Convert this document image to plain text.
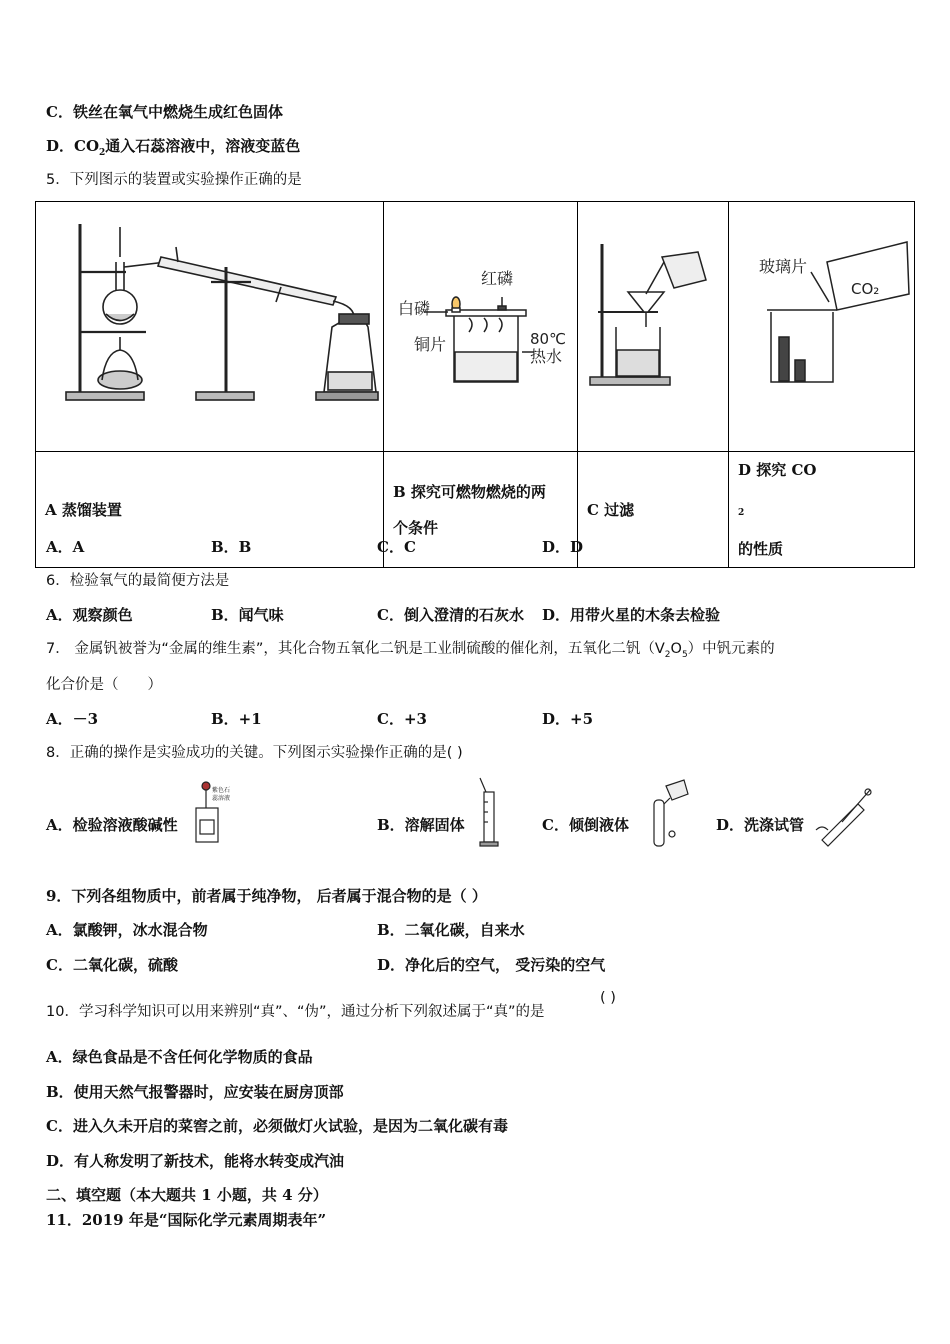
C．铁丝在氧气中燃烧生成红色固体
D．$CO_2$通入石蕊溶液中，溶液变蓝色
5．下列图示的装置或实验操作正确的是

红磷
白磷
铜片 80℃
热水		玻璃片
CO₂

A 蒸馏装置	B 探究可燃物燃烧的两
个条件	C 过滤	D 探究 CO
$_2$
的性质
A．A	B．B	C．C	D．D
6．检验氧气的最简便方法是
A．观察颜色	B．闻气味	C．倒入澄清的石灰水 D．用带火星的木条去检验
7． 金属钒被誉为“金属的维生素”，其化合物五氧化二钒是工业制硫酸的催化剂，五氧化二钒$(V_2O_5)$中钒元素的
化合价是（　　）
A．－3	B．+1	C．+3	D．+5
8．正确的操作是实验成功的关键。下列图示实验操作正确的是( )
A．检验溶液酸碱性
紫色石
蕊溶液
B．溶解固体	C．倾倒液体	D．洗涤试管
9．下列各组物质中，前者属于纯净物， 后者属于混合物的是（ ）
A．氯酸钾，冰水混合物	B．二氧化碳，自来水
C．二氧化碳，硫酸	D．净化后的空气， 受污染的空气
10．学习科学知识可以用来辨别“真”、“伪”，通过分析下列叙述属于“真”的是
( )
A．绿色食品是不含任何化学物质的食品
B．使用天然气报警器时，应安装在厨房顶部
C．进入久未开启的菜窖之前，必须做灯火试验，是因为二氧化碳有毒
D．有人称发明了新技术，能将水转变成汽油
二、填空题（本大题共 1 小题，共 4 分）
11．2019 年是“国际化学元素周期表年”
